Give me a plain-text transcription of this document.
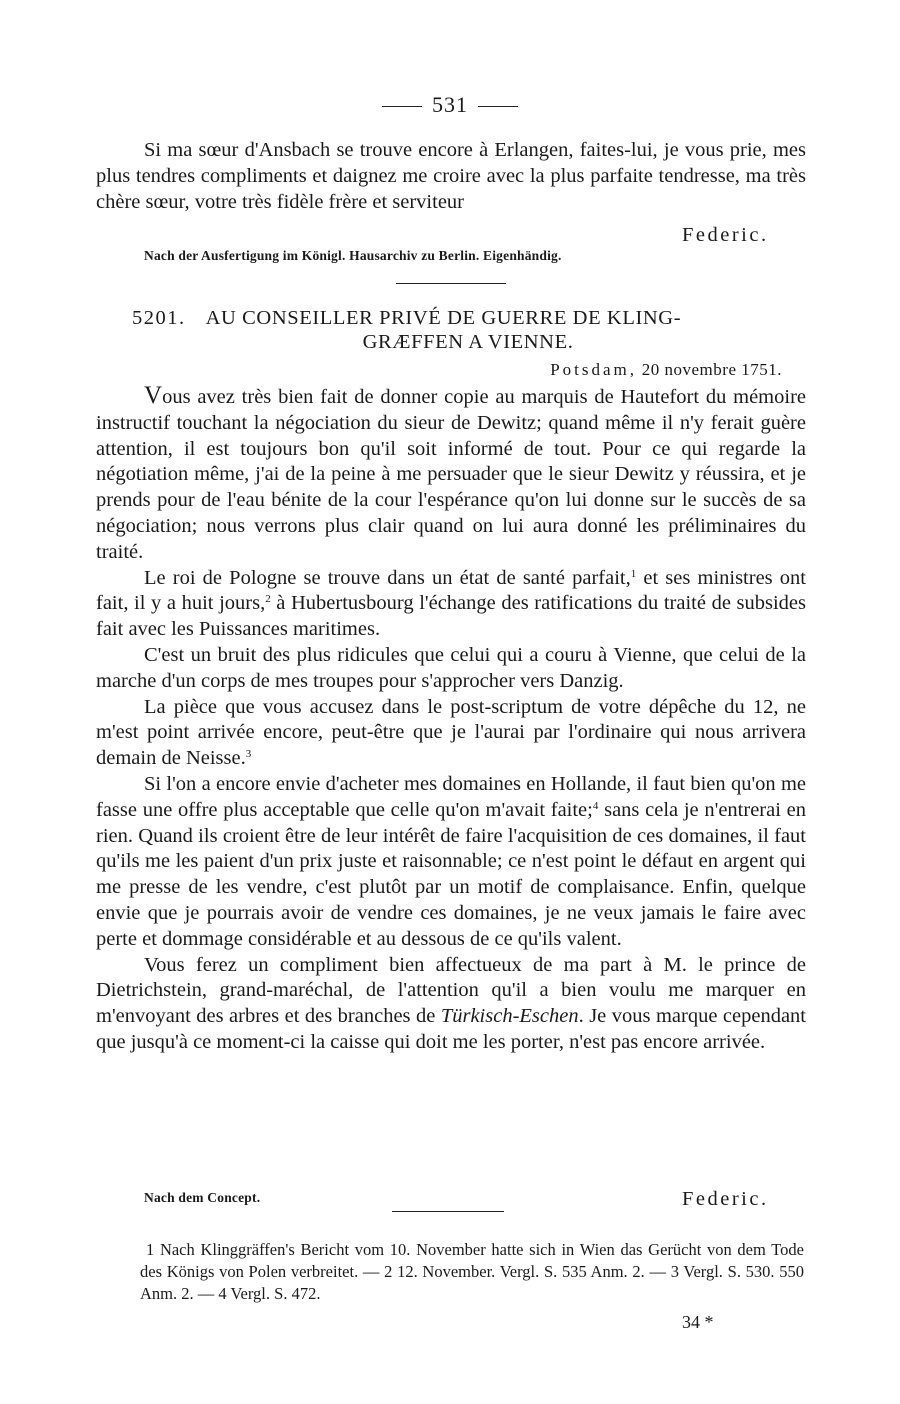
531

Si ma sœur d'Ansbach se trouve encore à Erlangen, faites-lui, je vous prie, mes plus tendres compliments et daignez me croire avec la plus parfaite tendresse, ma très chère sœur, votre très fidèle frère et serviteur

Federic.
Nach der Ausfertigung im Königl. Hausarchiv zu Berlin. Eigenhändig.
5201. AU CONSEILLER PRIVÉ DE GUERRE DE KLING-
GRÆFFEN A VIENNE.
Potsdam, 20 novembre 1751.

Vous avez très bien fait de donner copie au marquis de Hautefort du mémoire instructif touchant la négociation du sieur de Dewitz; quand même il n'y ferait guère attention, il est toujours bon qu'il soit informé de tout. Pour ce qui regarde la négotiation même, j'ai de la peine à me persuader que le sieur Dewitz y réussira, et je prends pour de l'eau bénite de la cour l'espérance qu'on lui donne sur le succès de sa négociation; nous verrons plus clair quand on lui aura donné les préliminaires du traité.

Le roi de Pologne se trouve dans un état de santé parfait,$^1$ et ses ministres ont fait, il y a huit jours,$^2$ à Hubertusbourg l'échange des ratifications du traité de subsides fait avec les Puissances maritimes.

C'est un bruit des plus ridicules que celui qui a couru à Vienne, que celui de la marche d'un corps de mes troupes pour s'approcher vers Danzig.

La pièce que vous accusez dans le post-scriptum de votre dépêche du 12, ne m'est point arrivée encore, peut-être que je l'aurai par l'ordinaire qui nous arrivera demain de Neisse.$^3$

Si l'on a encore envie d'acheter mes domaines en Hollande, il faut bien qu'on me fasse une offre plus acceptable que celle qu'on m'avait faite;$^4$ sans cela je n'entrerai en rien. Quand ils croient être de leur intérêt de faire l'acquisition de ces domaines, il faut qu'ils me les paient d'un prix juste et raisonnable; ce n'est point le défaut en argent qui me presse de les vendre, c'est plutôt par un motif de complaisance. Enfin, quelque envie que je pourrais avoir de vendre ces domaines, je ne veux jamais le faire avec perte et dommage considérable et au dessous de ce qu'ils valent.

Vous ferez un compliment bien affectueux de ma part à M. le prince de Dietrichstein, grand-maréchal, de l'attention qu'il a bien voulu me marquer en m'envoyant des arbres et des branches de Türkisch-Eschen. Je vous marque cependant que jusqu'à ce moment-ci la caisse qui doit me les porter, n'est pas encore arrivée.

Nach dem Concept.	Federic.
1 Nach Klinggräffen's Bericht vom 10. November hatte sich in Wien das Gerücht von dem Tode des Königs von Polen verbreitet. — 2 12. November. Vergl. S. 535 Anm. 2. — 3 Vergl. S. 530. 550 Anm. 2. — 4 Vergl. S. 472.
34 *
